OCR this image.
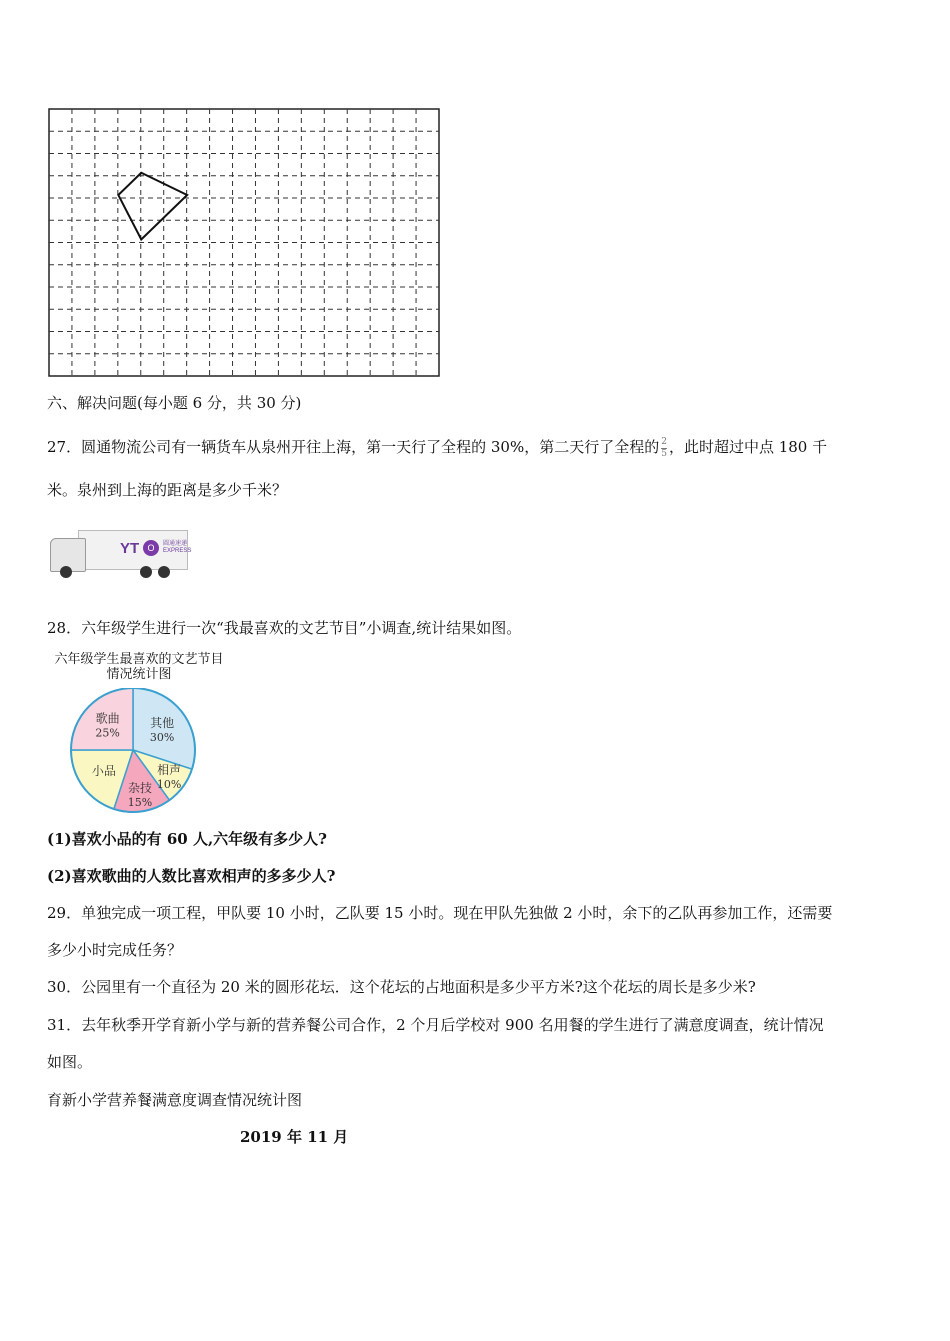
六、解决问题(每小题 6 分，共 30 分)
27．圆通物流公司有一辆货车从泉州开往上海，第一天行了全程的 30%，第二天行了全程的 $\frac{2}{5}$ ，此时超过中点 180 千
米。泉州到上海的距离是多少千米？
YT O	圆通速递
EXPRESS
28．六年级学生进行一次“我最喜欢的文艺节目”小调查,统计结果如图。
六年级学生最喜欢的文艺节目
情况统计图
其他
30%
相声
10%
杂技
15%
小品
歌曲
25%
(1)喜欢小品的有 60 人,六年级有多少人?
(2)喜欢歌曲的人数比喜欢相声的多多少人?
29．单独完成一项工程，甲队要 10 小时，乙队要 15 小时。现在甲队先独做 2 小时，余下的乙队再参加工作，还需要
多少小时完成任务？
30．公园里有一个直径为 20 米的圆形花坛．这个花坛的占地面积是多少平方米?这个花坛的周长是多少米?
31．去年秋季开学育新小学与新的营养餐公司合作，2 个月后学校对 900 名用餐的学生进行了满意度调查，统计情况
如图。
育新小学营养餐满意度调查情况统计图
2019 年 11 月
